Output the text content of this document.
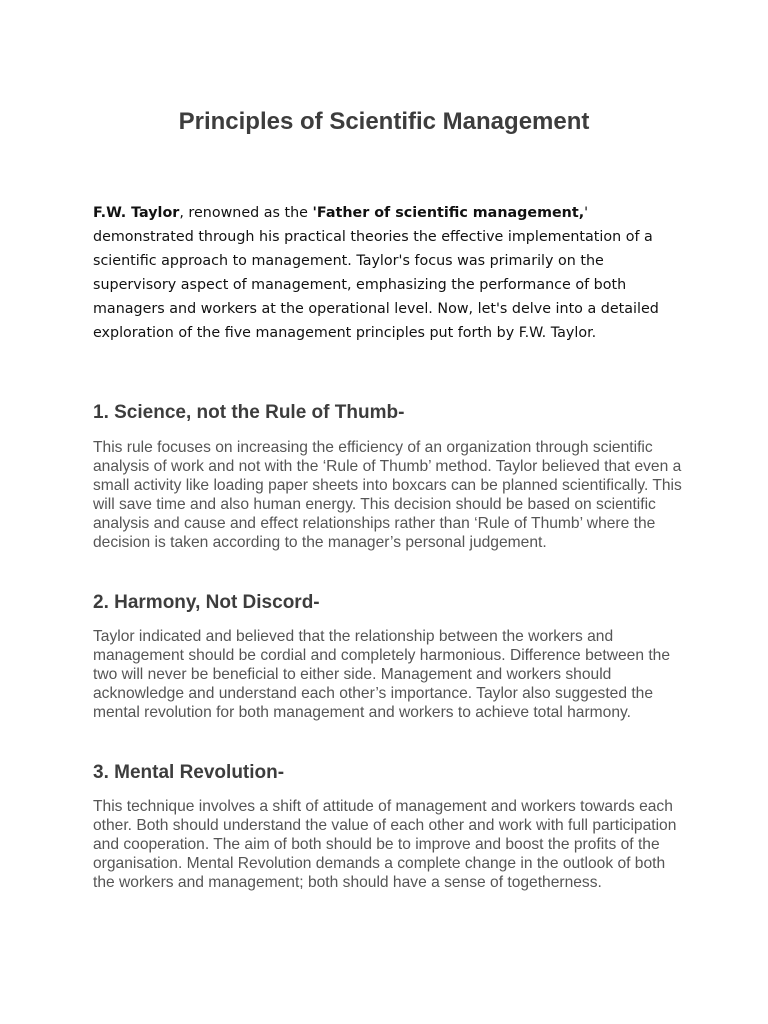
Principles of Scientific Management

F.W. Taylor, renowned as the 'Father of scientific management,' demonstrated through his practical theories the effective implementation of a scientific approach to management. Taylor's focus was primarily on the supervisory aspect of management, emphasizing the performance of both managers and workers at the operational level. Now, let's delve into a detailed exploration of the five management principles put forth by F.W. Taylor.

1. Science, not the Rule of Thumb-

This rule focuses on increasing the efficiency of an organization through scientific analysis of work and not with the ‘Rule of Thumb’ method. Taylor believed that even a small activity like loading paper sheets into boxcars can be planned scientifically. This will save time and also human energy. This decision should be based on scientific analysis and cause and effect relationships rather than ‘Rule of Thumb’ where the decision is taken according to the manager’s personal judgement.

2. Harmony, Not Discord-

Taylor indicated and believed that the relationship between the workers and management should be cordial and completely harmonious. Difference between the two will never be beneficial to either side. Management and workers should acknowledge and understand each other’s importance. Taylor also suggested the mental revolution for both management and workers to achieve total harmony.

3. Mental Revolution-

This technique involves a shift of attitude of management and workers towards each other. Both should understand the value of each other and work with full participation and cooperation. The aim of both should be to improve and boost the profits of the organisation. Mental Revolution demands a complete change in the outlook of both the workers and management; both should have a sense of togetherness.
